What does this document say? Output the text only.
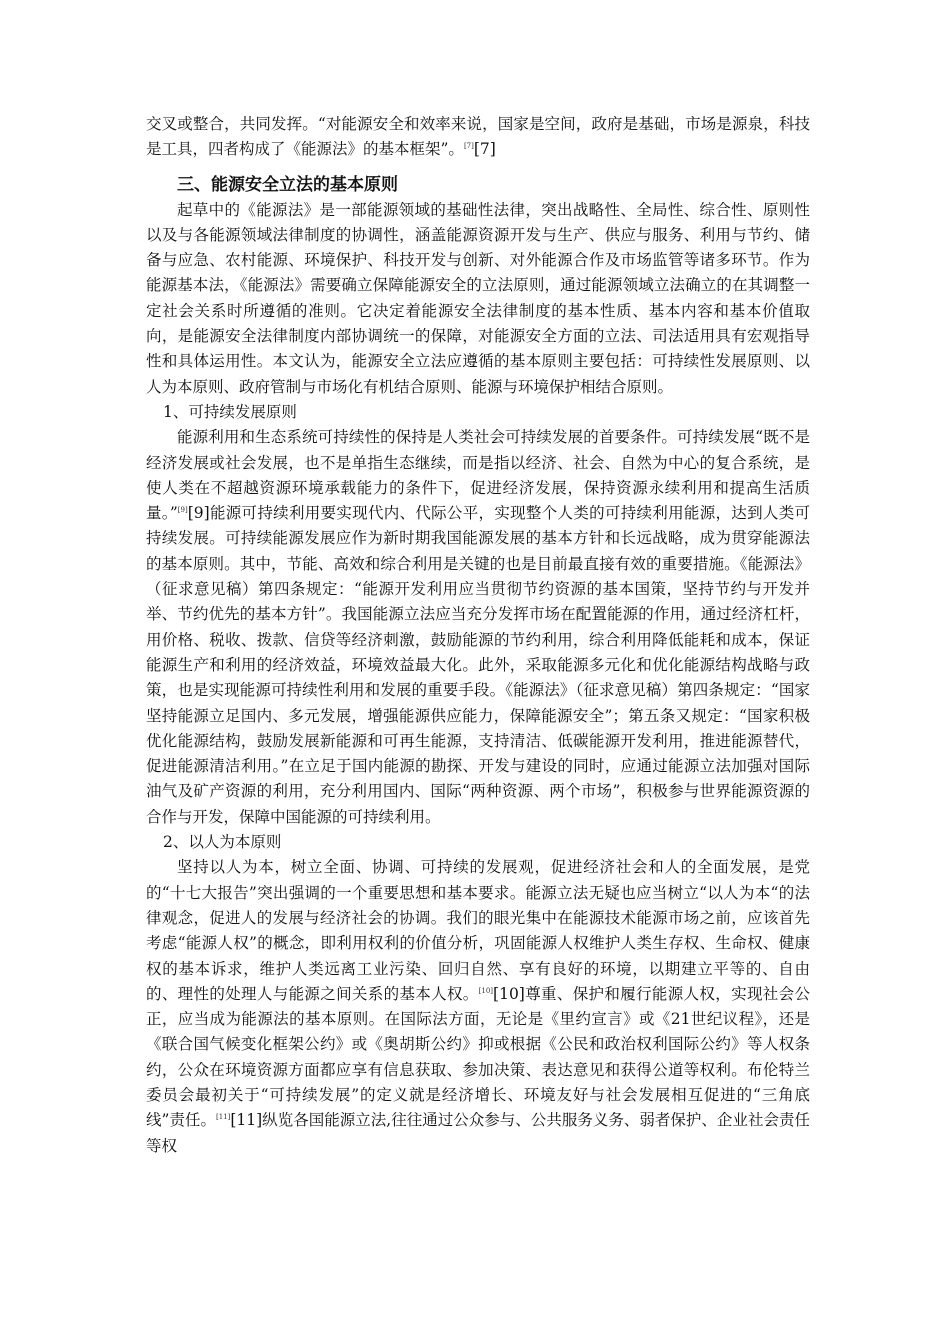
交叉或整合，共同发挥。“对能源安全和效率来说，国家是空间，政府是基础，市场是源泉，科技是工具，四者构成了《能源法》的基本框架”。[7][7]

三、能源安全立法的基本原则

起草中的《能源法》是一部能源领域的基础性法律，突出战略性、全局性、综合性、原则性以及与各能源领域法律制度的协调性，涵盖能源资源开发与生产、供应与服务、利用与节约、储备与应急、农村能源、环境保护、科技开发与创新、对外能源合作及市场监管等诸多环节。作为能源基本法，《能源法》需要确立保障能源安全的立法原则，通过能源领域立法确立的在其调整一定社会关系时所遵循的准则。它决定着能源安全法律制度的基本性质、基本内容和基本价值取向，是能源安全法律制度内部协调统一的保障，对能源安全方面的立法、司法适用具有宏观指导性和具体运用性。本文认为，能源安全立法应遵循的基本原则主要包括：可持续性发展原则、以人为本原则、政府管制与市场化有机结合原则、能源与环境保护相结合原则。

1、可持续发展原则

能源利用和生态系统可持续性的保持是人类社会可持续发展的首要条件。可持续发展“既不是经济发展或社会发展，也不是单指生态继续，而是指以经济、社会、自然为中心的复合系统，是使人类在不超越资源环境承载能力的条件下，促进经济发展，保持资源永续利用和提高生活质量。”[9][9]能源可持续利用要实现代内、代际公平，实现整个人类的可持续利用能源，达到人类可持续发展。可持续能源发展应作为新时期我国能源发展的基本方针和长远战略，成为贯穿能源法的基本原则。其中，节能、高效和综合利用是关键的也是目前最直接有效的重要措施。《能源法》（征求意见稿）第四条规定：“能源开发利用应当贯彻节约资源的基本国策，坚持节约与开发并举、节约优先的基本方针”。我国能源立法应当充分发挥市场在配置能源的作用，通过经济杠杆，用价格、税收、拨款、信贷等经济刺激，鼓励能源的节约利用，综合利用降低能耗和成本，保证能源生产和利用的经济效益，环境效益最大化。此外，采取能源多元化和优化能源结构战略与政策，也是实现能源可持续性利用和发展的重要手段。《能源法》（征求意见稿）第四条规定：“国家坚持能源立足国内、多元发展，增强能源供应能力，保障能源安全”；第五条又规定：“国家积极优化能源结构，鼓励发展新能源和可再生能源，支持清洁、低碳能源开发利用，推进能源替代，促进能源清洁利用。”在立足于国内能源的勘探、开发与建设的同时，应通过能源立法加强对国际油气及矿产资源的利用，充分利用国内、国际“两种资源、两个市场”，积极参与世界能源资源的合作与开发，保障中国能源的可持续利用。

2、以人为本原则

坚持以人为本，树立全面、协调、可持续的发展观，促进经济社会和人的全面发展，是党的“十七大报告”突出强调的一个重要思想和基本要求。能源立法无疑也应当树立“以人为本“的法律观念，促进人的发展与经济社会的协调。我们的眼光集中在能源技术能源市场之前，应该首先考虑“能源人权”的概念，即利用权利的价值分析，巩固能源人权维护人类生存权、生命权、健康权的基本诉求，维护人类远离工业污染、回归自然、享有良好的环境，以期建立平等的、自由的、理性的处理人与能源之间关系的基本人权。[10][10]尊重、保护和履行能源人权，实现社会公正，应当成为能源法的基本原则。在国际法方面，无论是《里约宣言》或《21世纪议程》，还是《联合国气候变化框架公约》或《奥胡斯公约》抑或根据《公民和政治权利国际公约》等人权条约，公众在环境资源方面都应享有信息获取、参加决策、表达意见和获得公道等权利。布伦特兰委员会最初关于“可持续发展”的定义就是经济增长、环境友好与社会发展相互促进的“三角底线”责任。[11][11]纵览各国能源立法,往往通过公众参与、公共服务义务、弱者保护、企业社会责任等权
